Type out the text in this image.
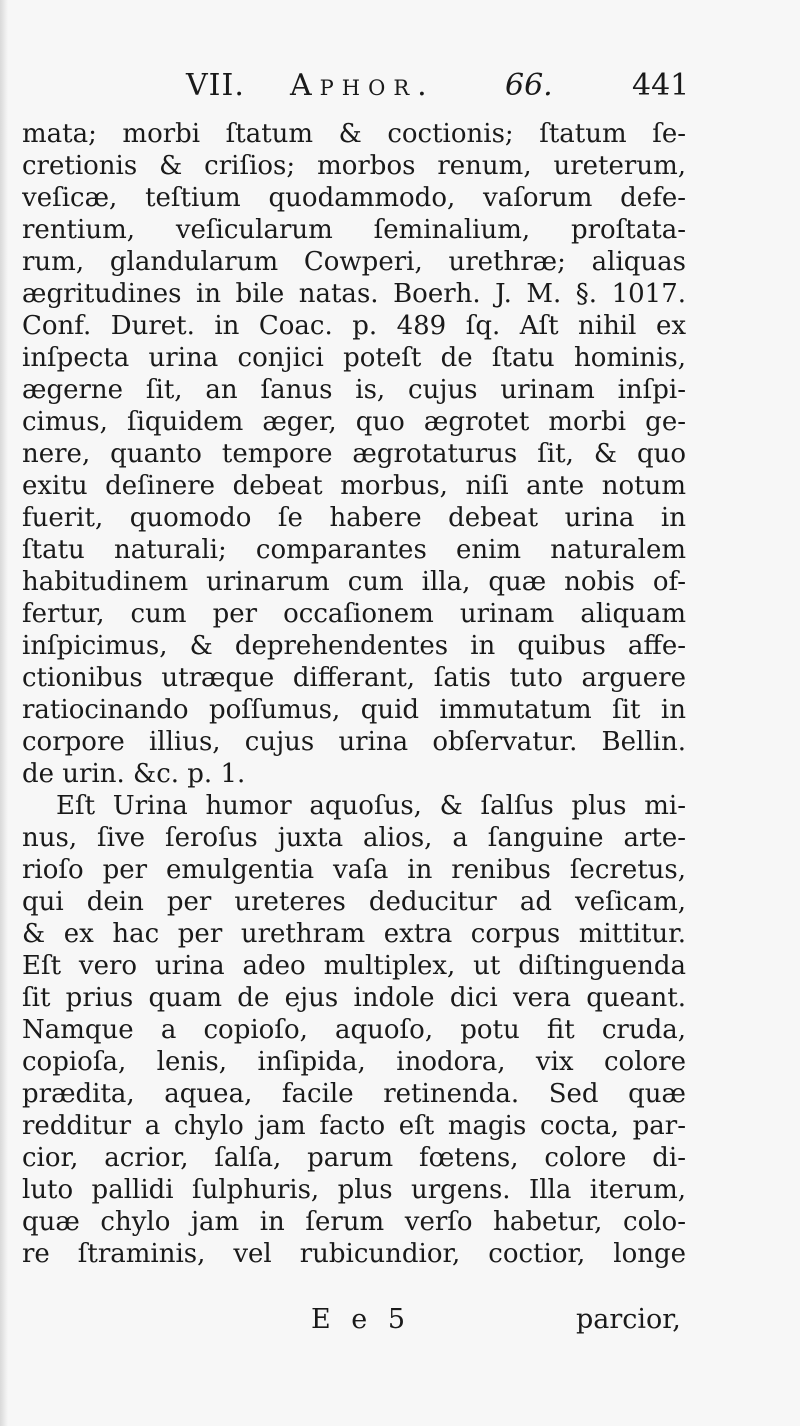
VII. Aphor. 66.	441
mata; morbi ſtatum & coctionis; ſtatum ſe-
cretionis & criſios; morbos renum, ureterum,
veſicæ, teſtium quodammodo, vaſorum defe-
rentium, veſicularum ſeminalium, proſtata-
rum, glandularum Cowperi, urethræ; aliquas
ægritudines in bile natas. Boerh. J. M. §. 1017.
Conf. Duret. in Coac. p. 489 ſq. Aſt nihil ex
inſpecta urina conjici poteſt de ſtatu hominis,
ægerne ſit, an ſanus is, cujus urinam inſpi-
cimus, ſiquidem æger, quo ægrotet morbi ge-
nere, quanto tempore ægrotaturus ſit, & quo
exitu deſinere debeat morbus, niſi ante notum
fuerit, quomodo ſe habere debeat urina in
ſtatu naturali; comparantes enim naturalem
habitudinem urinarum cum illa, quæ nobis of-
fertur, cum per occaſionem urinam aliquam
inſpicimus, & deprehendentes in quibus affe-
ctionibus utræque differant, ſatis tuto arguere
ratiocinando poſſumus, quid immutatum ſit in
corpore illius, cujus urina obſervatur. Bellin.
de urin. &c. p. 1.
Eſt Urina humor aquoſus, & ſalſus plus mi-
nus, ſive ſeroſus juxta alios, a ſanguine arte-
rioſo per emulgentia vaſa in renibus ſecretus,
qui dein per ureteres deducitur ad veſicam,
& ex hac per urethram extra corpus mittitur.
Eſt vero urina adeo multiplex, ut diſtinguenda
ſit prius quam de ejus indole dici vera queant.
Namque a copioſo, aquoſo, potu fit cruda,
copioſa, lenis, inſipida, inodora, vix colore
prædita, aquea, facile retinenda. Sed quæ
redditur a chylo jam facto eſt magis cocta, par-
cior, acrior, ſalſa, parum fœtens, colore di-
luto pallidi ſulphuris, plus urgens. Illa iterum,
quæ chylo jam in ſerum verſo habetur, colo-
re ſtraminis, vel rubicundior, coctior, longe
E e 5	parcior,
